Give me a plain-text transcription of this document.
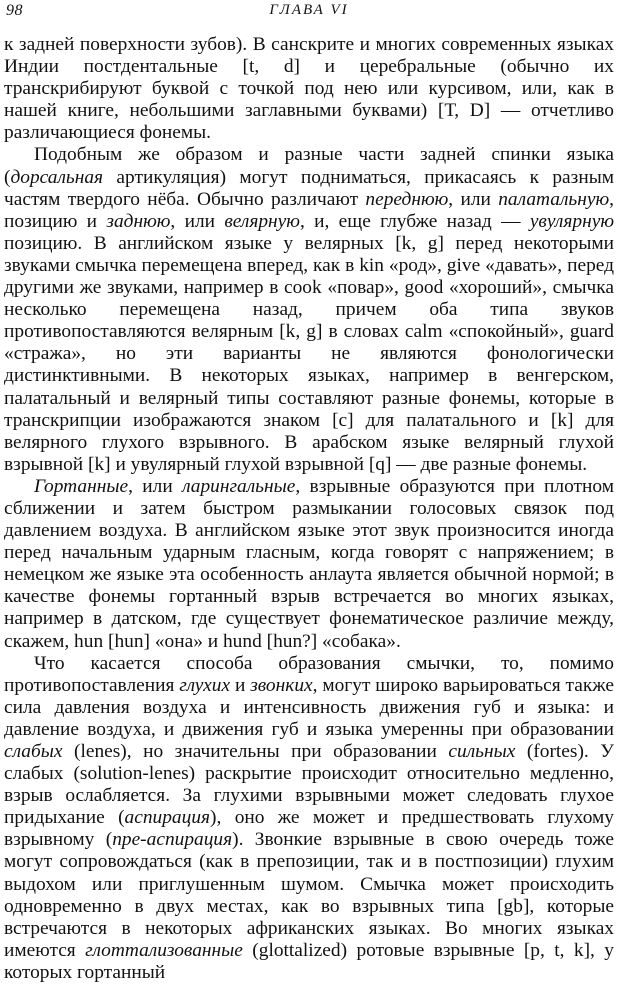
98	ГЛАВА VI

к задней поверхности зубов). В санскрите и многих современных языках Индии постдентальные [t, d] и церебральные (обычно их транскрибируют буквой с точкой под нею или курсивом, или, как в нашей книге, небольшими заглавными буквами) [Т, D] — отчетливо различающиеся фонемы.

Подобным же образом и разные части задней спинки языка (дорсальная артикуляция) могут подниматься, прикасаясь к разным частям твердого нёба. Обычно различают переднюю, или палатальную, позицию и заднюю, или велярную, и, еще глубже назад — увулярную позицию. В английском языке у велярных [k, g] перед некоторыми звуками смычка перемещена вперед, как в kin «род», give «давать», перед другими же звуками, например в cook «повар», good «хороший», смычка несколько перемещена назад, причем оба типа звуков противопоставляются велярным [k, g] в словах calm «спокойный», guard «стража», но эти варианты не являются фонологически дистинктивными. В некоторых языках, например в венгерском, палатальный и велярный типы составляют разные фонемы, которые в транскрипции изображаются знаком [c] для палатального и [k] для велярного глухого взрывного. В арабском языке велярный глухой взрывной [k] и увулярный глухой взрывной [q] — две разные фонемы.

Гортанные, или ларингальные, взрывные образуются при плотном сближении и затем быстром размыкании голосовых связок под давлением воздуха. В английском языке этот звук произносится иногда перед начальным ударным гласным, когда говорят с напряжением; в немецком же языке эта особенность анлаута является обычной нормой; в качестве фонемы гортанный взрыв встречается во многих языках, например в датском, где существует фонематическое различие между, скажем, hun [hun] «она» и hund [hun?] «собака».

Что касается способа образования смычки, то, помимо противопоставления глухих и звонких, могут широко варьироваться также сила давления воздуха и интенсивность движения губ и языка: и давление воздуха, и движения губ и языка умеренны при образовании слабых (lenes), но значительны при образовании сильных (fortes). У слабых (solution-lenes) раскрытие происходит относительно медленно, взрыв ослабляется. За глухими взрывными может следовать глухое придыхание (аспирация), оно же может и предшествовать глухому взрывному (пре-аспирация). Звонкие взрывные в свою очередь тоже могут сопровождаться (как в препозиции, так и в постпозиции) глухим выдохом или приглушенным шумом. Смычка может происходить одновременно в двух местах, как во взрывных типа [gb], которые встречаются в некоторых африканских языках. Во многих языках имеются глоттализованные (glottalized) ротовые взрывные [p, t, k], у которых гортанный
